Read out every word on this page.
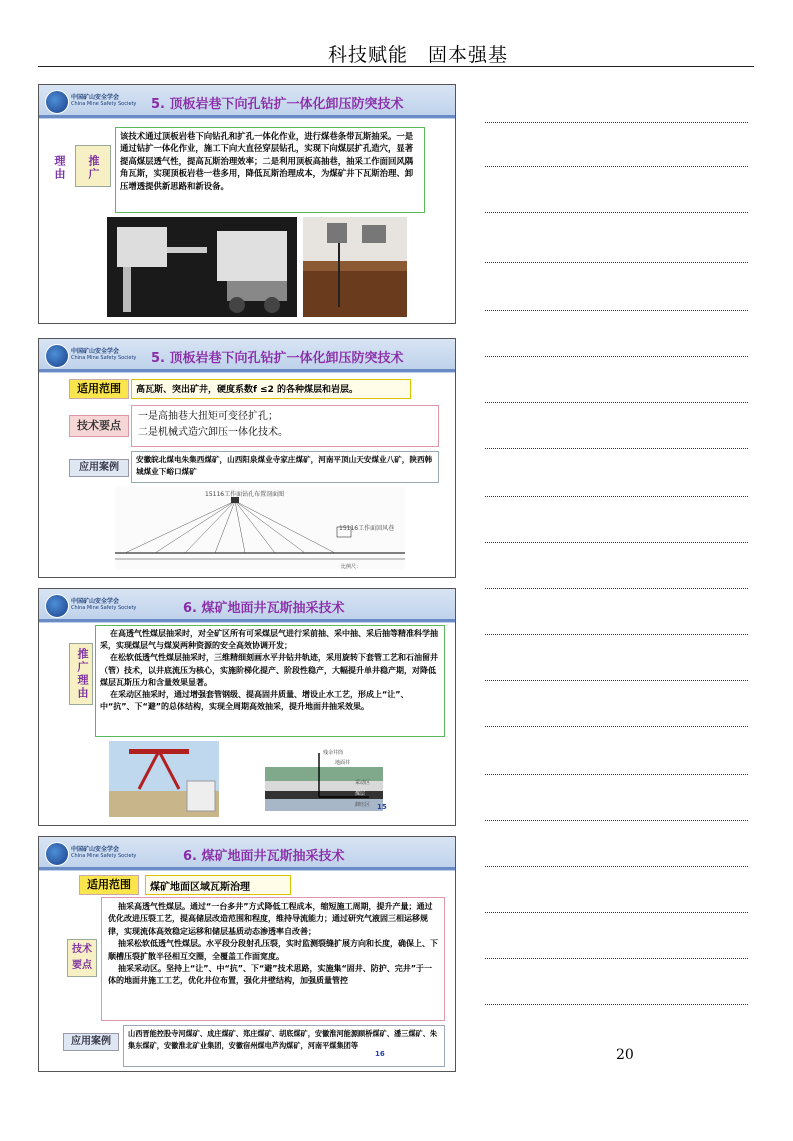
科技赋能　固本强基
中国矿山安全学会
China Mine Safety Society 5. 顶板岩巷下向孔钻扩一体化卸压防突技术
推广理由
该技术通过顶板岩巷下向钻孔和扩孔一体化作业，进行煤巷条带瓦斯抽采。一是通过钻扩一体化作业，施工下向大直径穿层钻孔，实现下向煤层扩孔造穴，显著提高煤层透气性，提高瓦斯治理效率；二是利用顶板高抽巷，抽采工作面回风隅角瓦斯，实现顶板岩巷一巷多用，降低瓦斯治理成本，为煤矿井下瓦斯治理、卸压增透提供新思路和新设备。
中国矿山安全学会
China Mine Safety Society 5. 顶板岩巷下向孔钻扩一体化卸压防突技术
适用范围	高瓦斯、突出矿井，硬度系数f ≤2 的各种煤层和岩层。
技术要点
一是高抽巷大扭矩可变径扩孔；
二是机械式造穴卸压一体化技术。
应用案例
安徽皖北煤电朱集西煤矿，山西阳泉煤业寺家庄煤矿，河南平顶山天安煤业八矿，陕西韩城煤业下峪口煤矿
15116工作面钻孔布置剖面图
15116工作面回风巷
比例尺：
中国矿山安全学会
China Mine Safety Society	6. 煤矿地面井瓦斯抽采技术
推广理由
在高透气性煤层抽采时，对全矿区所有可采煤层气进行采前抽、采中抽、采后抽等精准科学抽采，实现煤层气与煤炭两种资源的安全高效协调开发；
在松软低透气性煤层抽采时，三维精细刻画水平井钻井轨迹，采用旋转下套管工艺和石油留井（管）技术，以井底流压为核心，实施阶梯化提产、阶段性稳产，大幅提升单井稳产期，对降低煤层瓦斯压力和含量效果显著。
在采动区抽采时，通过增强套管钢级、提高固井质量、增设止水工艺，形成上“让”、中“抗”、下“避”的总体结构，实现全周期高效抽采，提升地面井抽采效果。
残余井筒
地面井
采动区
煤层
卸压区 15
中国矿山安全学会
China Mine Safety Society	6. 煤矿地面井瓦斯抽采技术
适用范围	煤矿地面区域瓦斯治理
技术要点
抽采高透气性煤层。通过“一台多井”方式降低工程成本，缩短施工周期，提升产量；通过优化改进压裂工艺，提高储层改造范围和程度，维持导流能力；通过研究气液固三相运移规律，实现流体高效稳定运移和储层基质动态渗透率自改善；
抽采松软低透气性煤层。水平段分段射孔压裂，实时监测裂缝扩展方向和长度，确保上、下顺槽压裂扩散半径相互交圈，全覆盖工作面宽度。
抽采采动区。坚持上“让”、中“抗”、下“避”技术思路，实施集“固井、防护、完井”于一体的地面井施工工艺，优化井位布置，强化井壁结构，加强质量管控
应用案例
山西晋能控股寺河煤矿、成庄煤矿、郑庄煤矿、胡底煤矿，安徽淮河能源顾桥煤矿、潘三煤矿、朱集东煤矿，安徽淮北矿业集团，安徽宿州煤电芦沟煤矿，河南平煤集团等
16	20
